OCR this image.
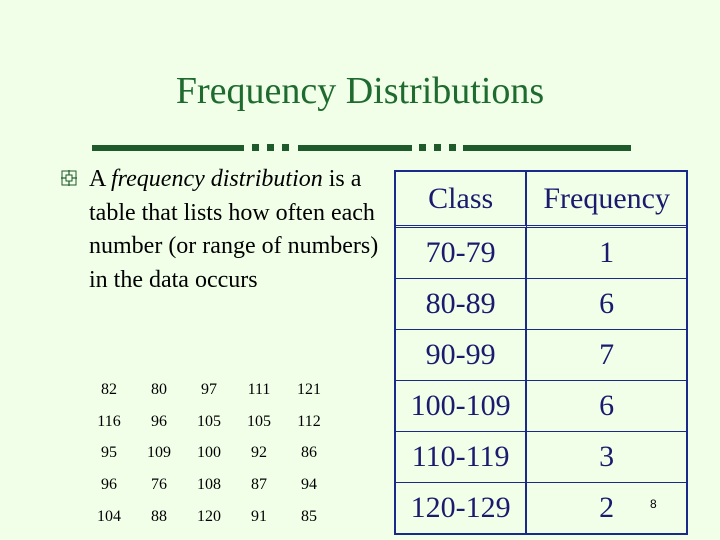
Frequency Distributions
A frequency distribution is a table that lists how often each number (or range of numbers) in the data occurs
82	80	97	111	121
116	96	105	105	112
95	109	100	92	86
96	76	108	87	94
104	88	120	91	85
Class	Frequency
70-79	1
80-89	6
90-99	7
100-109	6
110-119	3
120-129	2	8
